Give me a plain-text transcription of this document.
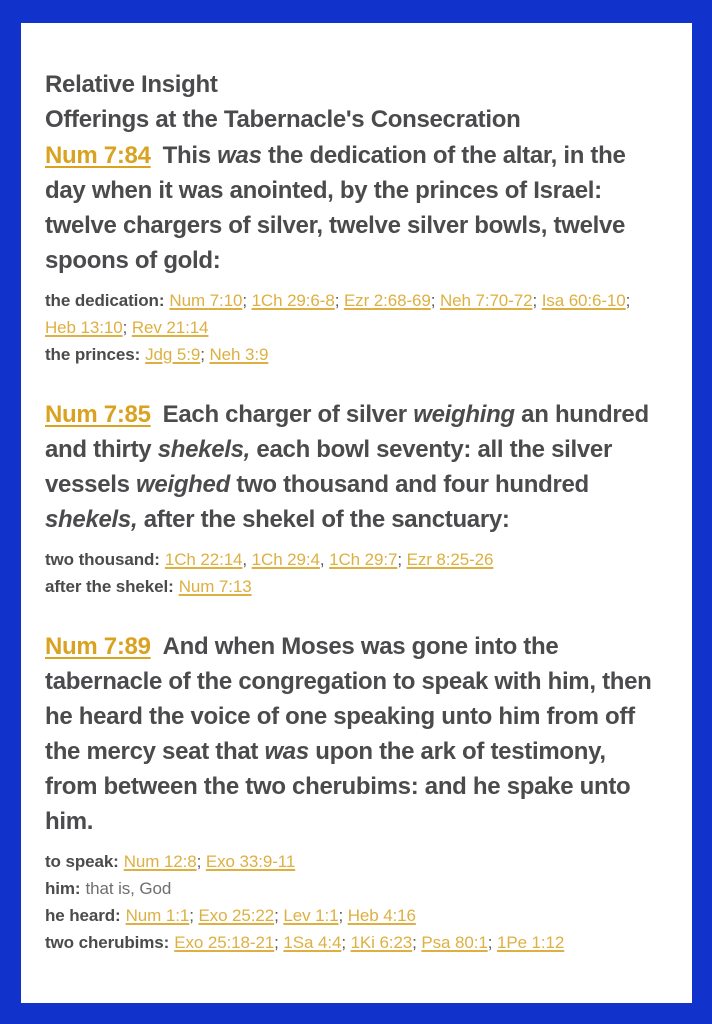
Relative Insight

Offerings at the Tabernacle's Consecration

Num 7:84 This was the dedication of the altar, in the day when it was anointed, by the princes of Israel: twelve chargers of silver, twelve silver bowls, twelve spoons of gold:

the dedication: Num 7:10; 1Ch 29:6-8; Ezr 2:68-69; Neh 7:70-72; Isa 60:6-10; Heb 13:10; Rev 21:14
the princes: Jdg 5:9; Neh 3:9

Num 7:85 Each charger of silver weighing an hundred and thirty shekels, each bowl seventy: all the silver vessels weighed two thousand and four hundred shekels, after the shekel of the sanctuary:

two thousand: 1Ch 22:14, 1Ch 29:4, 1Ch 29:7; Ezr 8:25-26
after the shekel: Num 7:13

Num 7:89 And when Moses was gone into the tabernacle of the congregation to speak with him, then he heard the voice of one speaking unto him from off the mercy seat that was upon the ark of testimony, from between the two cherubims: and he spake unto him.

to speak: Num 12:8; Exo 33:9-11
him: that is, God
he heard: Num 1:1; Exo 25:22; Lev 1:1; Heb 4:16
two cherubims: Exo 25:18-21; 1Sa 4:4; 1Ki 6:23; Psa 80:1; 1Pe 1:12
